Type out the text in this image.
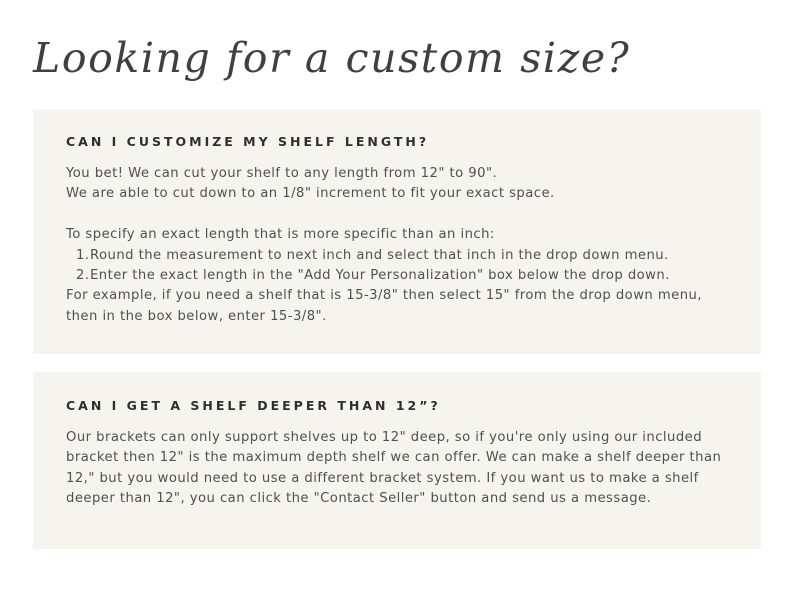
Looking for a custom size?
CAN I CUSTOMIZE MY SHELF LENGTH?

You bet! We can cut your shelf to any length from 12" to 90".

We are able to cut down to an 1/8" increment to fit your exact space.

To specify an exact length that is more specific than an inch:

1.Round the measurement to next inch and select that inch in the drop down menu.
2.Enter the exact length in the "Add Your Personalization" box below the drop down.

For example, if you need a shelf that is 15-3/8" then select 15" from the drop down menu,

then in the box below, enter 15-3/8".

CAN I GET A SHELF DEEPER THAN 12”?

Our brackets can only support shelves up to 12" deep, so if you're only using our included

bracket then 12" is the maximum depth shelf we can offer. We can make a shelf deeper than

12," but you would need to use a different bracket system. If you want us to make a shelf

deeper than 12", you can click the "Contact Seller" button and send us a message.
